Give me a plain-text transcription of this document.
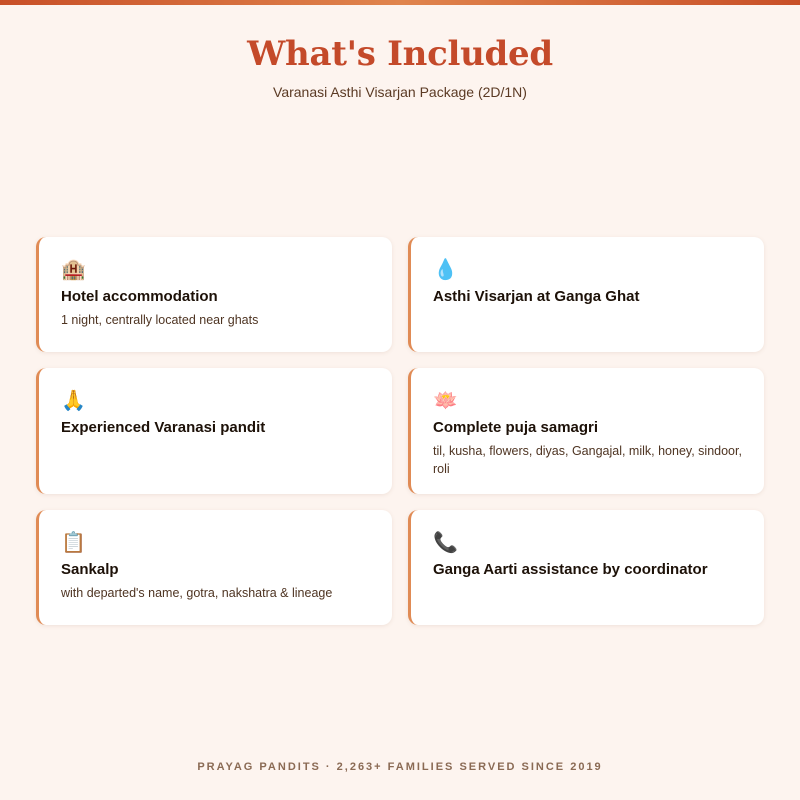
What's Included
Varanasi Asthi Visarjan Package (2D/1N)
🏨
Hotel accommodation
1 night, centrally located near ghats
💧
Asthi Visarjan at Ganga Ghat
🙏
Experienced Varanasi pandit
🪷
Complete puja samagri
til, kusha, flowers, diyas, Gangajal, milk, honey, sindoor, roli
📋
Sankalp
with departed's name, gotra, nakshatra & lineage
📞
Ganga Aarti assistance by coordinator
PRAYAG PANDITS · 2,263+ FAMILIES SERVED SINCE 2019
